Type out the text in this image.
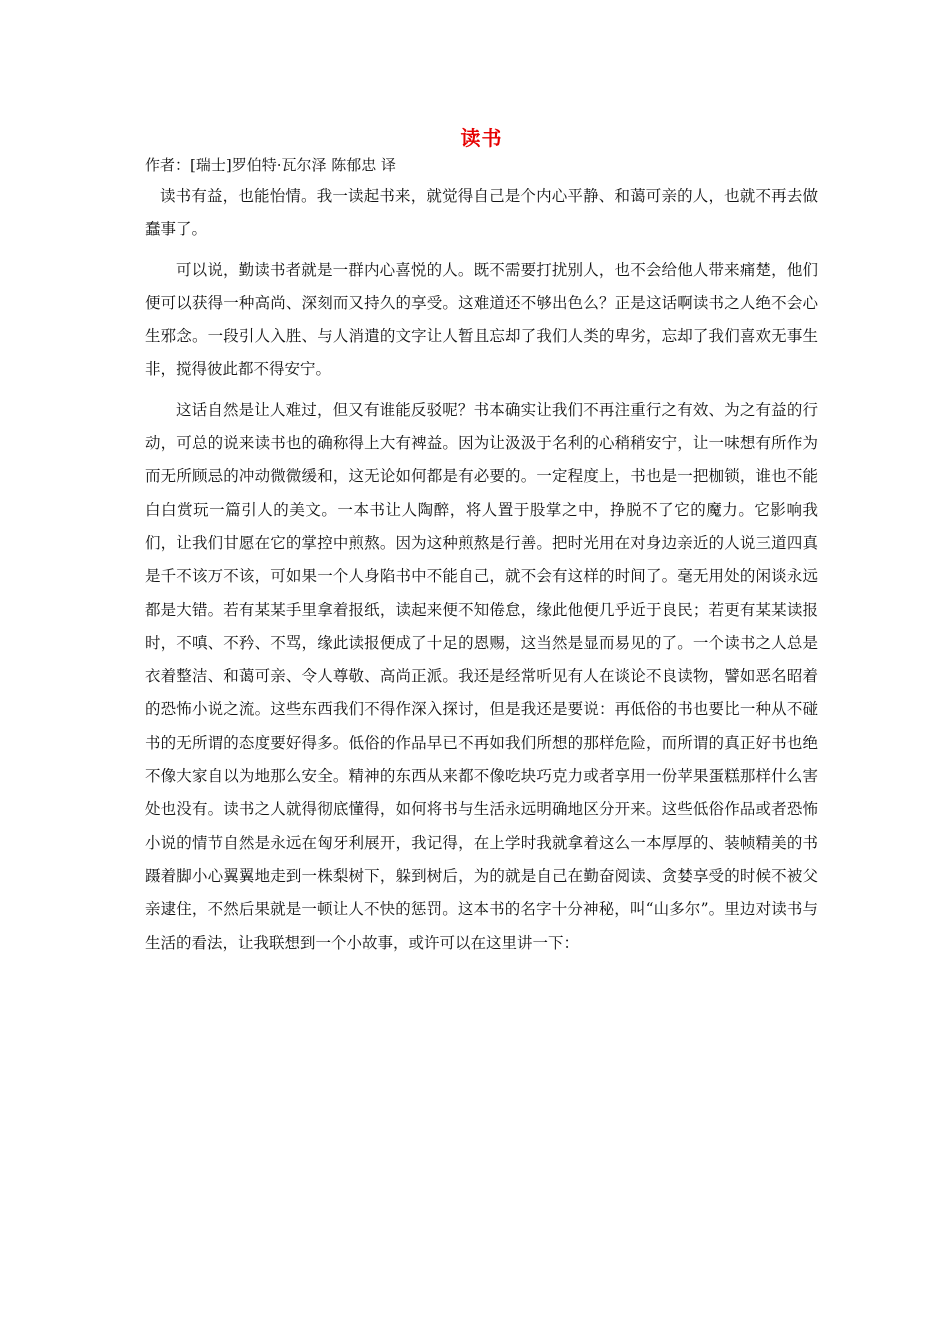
读书
作者：[瑞士]罗伯特·瓦尔泽 陈郁忠 译

读书有益，也能怡情。我一读起书来，就觉得自己是个内心平静、和蔼可亲的人，也就不再去做蠢事了。

可以说，勤读书者就是一群内心喜悦的人。既不需要打扰别人，也不会给他人带来痛楚，他们便可以获得一种高尚、深刻而又持久的享受。这难道还不够出色么？正是这话啊读书之人绝不会心生邪念。一段引人入胜、与人消遣的文字让人暂且忘却了我们人类的卑劣，忘却了我们喜欢无事生非，搅得彼此都不得安宁。

这话自然是让人难过，但又有谁能反驳呢？书本确实让我们不再注重行之有效、为之有益的行动，可总的说来读书也的确称得上大有裨益。因为让汲汲于名利的心稍稍安宁，让一味想有所作为而无所顾忌的冲动微微缓和，这无论如何都是有必要的。一定程度上，书也是一把枷锁，谁也不能白白赏玩一篇引人的美文。一本书让人陶醉，将人置于股掌之中，挣脱不了它的魔力。它影响我们，让我们甘愿在它的掌控中煎熬。因为这种煎熬是行善。把时光用在对身边亲近的人说三道四真是千不该万不该，可如果一个人身陷书中不能自己，就不会有这样的时间了。毫无用处的闲谈永远都是大错。若有某某手里拿着报纸，读起来便不知倦怠，缘此他便几乎近于良民；若更有某某读报时，不嗔、不矜、不骂，缘此读报便成了十足的恩赐，这当然是显而易见的了。一个读书之人总是衣着整洁、和蔼可亲、令人尊敬、高尚正派。我还是经常听见有人在谈论不良读物，譬如恶名昭着的恐怖小说之流。这些东西我们不得作深入探讨，但是我还是要说：再低俗的书也要比一种从不碰书的无所谓的态度要好得多。低俗的作品早已不再如我们所想的那样危险，而所谓的真正好书也绝不像大家自以为地那么安全。精神的东西从来都不像吃块巧克力或者享用一份苹果蛋糕那样什么害处也没有。读书之人就得彻底懂得，如何将书与生活永远明确地区分开来。这些低俗作品或者恐怖小说的情节自然是永远在匈牙利展开，我记得，在上学时我就拿着这么一本厚厚的、装帧精美的书蹑着脚小心翼翼地走到一株梨树下，躲到树后，为的就是自己在勤奋阅读、贪婪享受的时候不被父亲逮住，不然后果就是一顿让人不快的惩罚。这本书的名字十分神秘，叫“山多尔”。里边对读书与生活的看法，让我联想到一个小故事，或许可以在这里讲一下：
